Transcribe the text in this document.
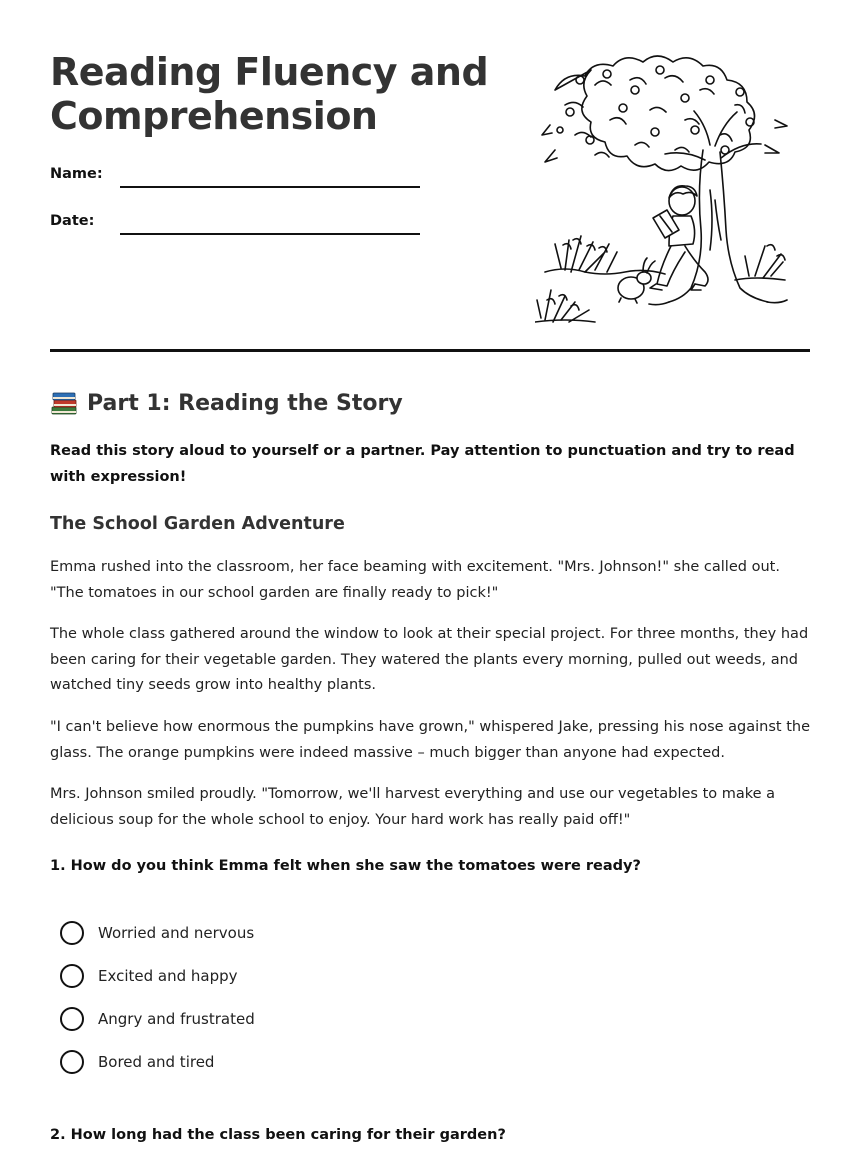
Reading Fluency and
Comprehension
Name:
Date:
Part 1: Reading the Story

Read this story aloud to yourself or a partner. Pay attention to punctuation and try to read with expression!

The School Garden Adventure

Emma rushed into the classroom, her face beaming with excitement. "Mrs. Johnson!" she called out. "The tomatoes in our school garden are finally ready to pick!"

The whole class gathered around the window to look at their special project. For three months, they had been caring for their vegetable garden. They watered the plants every morning, pulled out weeds, and watched tiny seeds grow into healthy plants.

"I can't believe how enormous the pumpkins have grown," whispered Jake, pressing his nose against the glass. The orange pumpkins were indeed massive – much bigger than anyone had expected.

Mrs. Johnson smiled proudly. "Tomorrow, we'll harvest everything and use our vegetables to make a delicious soup for the whole school to enjoy. Your hard work has really paid off!"

1. How do you think Emma felt when she saw the tomatoes were ready?

Worried and nervous
Excited and happy
Angry and frustrated
Bored and tired

2. How long had the class been caring for their garden?
